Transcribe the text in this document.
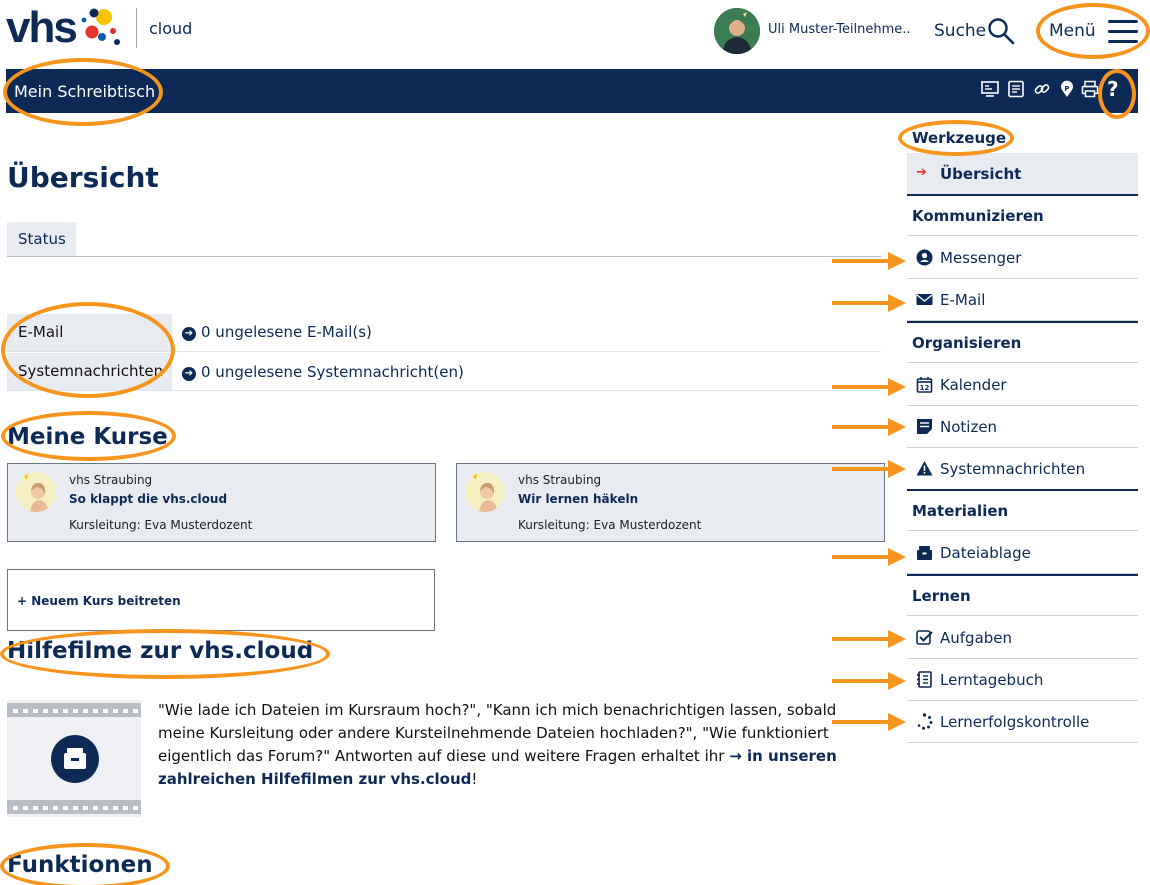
vhs	cloud	Uli Muster-Teilnehme.. Suche	Menü
Mein Schreibtisch	P ?
Übersicht
Status
E-Mail	➔ 0 ungelesene E-Mail(s)
Systemnachrichten	➔ 0 ungelesene Systemnachricht(en)
Meine Kurse
vhs Straubing
So klappt die vhs.cloud
Kursleitung: Eva Musterdozent
vhs Straubing
Wir lernen häkeln
Kursleitung: Eva Musterdozent
+ Neuem Kurs beitreten
Hilfefilme zur vhs.cloud
"Wie lade ich Dateien im Kursraum hoch?", "Kann ich mich benachrichtigen lassen, sobald meine Kursleitung oder andere Kursteilnehmende Dateien hochladen?", "Wie funktioniert eigentlich das Forum?" Antworten auf diese und weitere Fragen erhaltet ihr → in unseren zahlreichen Hilfefilmen zur vhs.cloud!
Funktionen
Werkzeuge
➔ Übersicht
Kommunizieren
Messenger
E-Mail
Organisieren
12 Kalender
Notizen
Systemnachrichten
Materialien
Dateiablage
Lernen
Aufgaben
Lerntagebuch
Lernerfolgskontrolle
